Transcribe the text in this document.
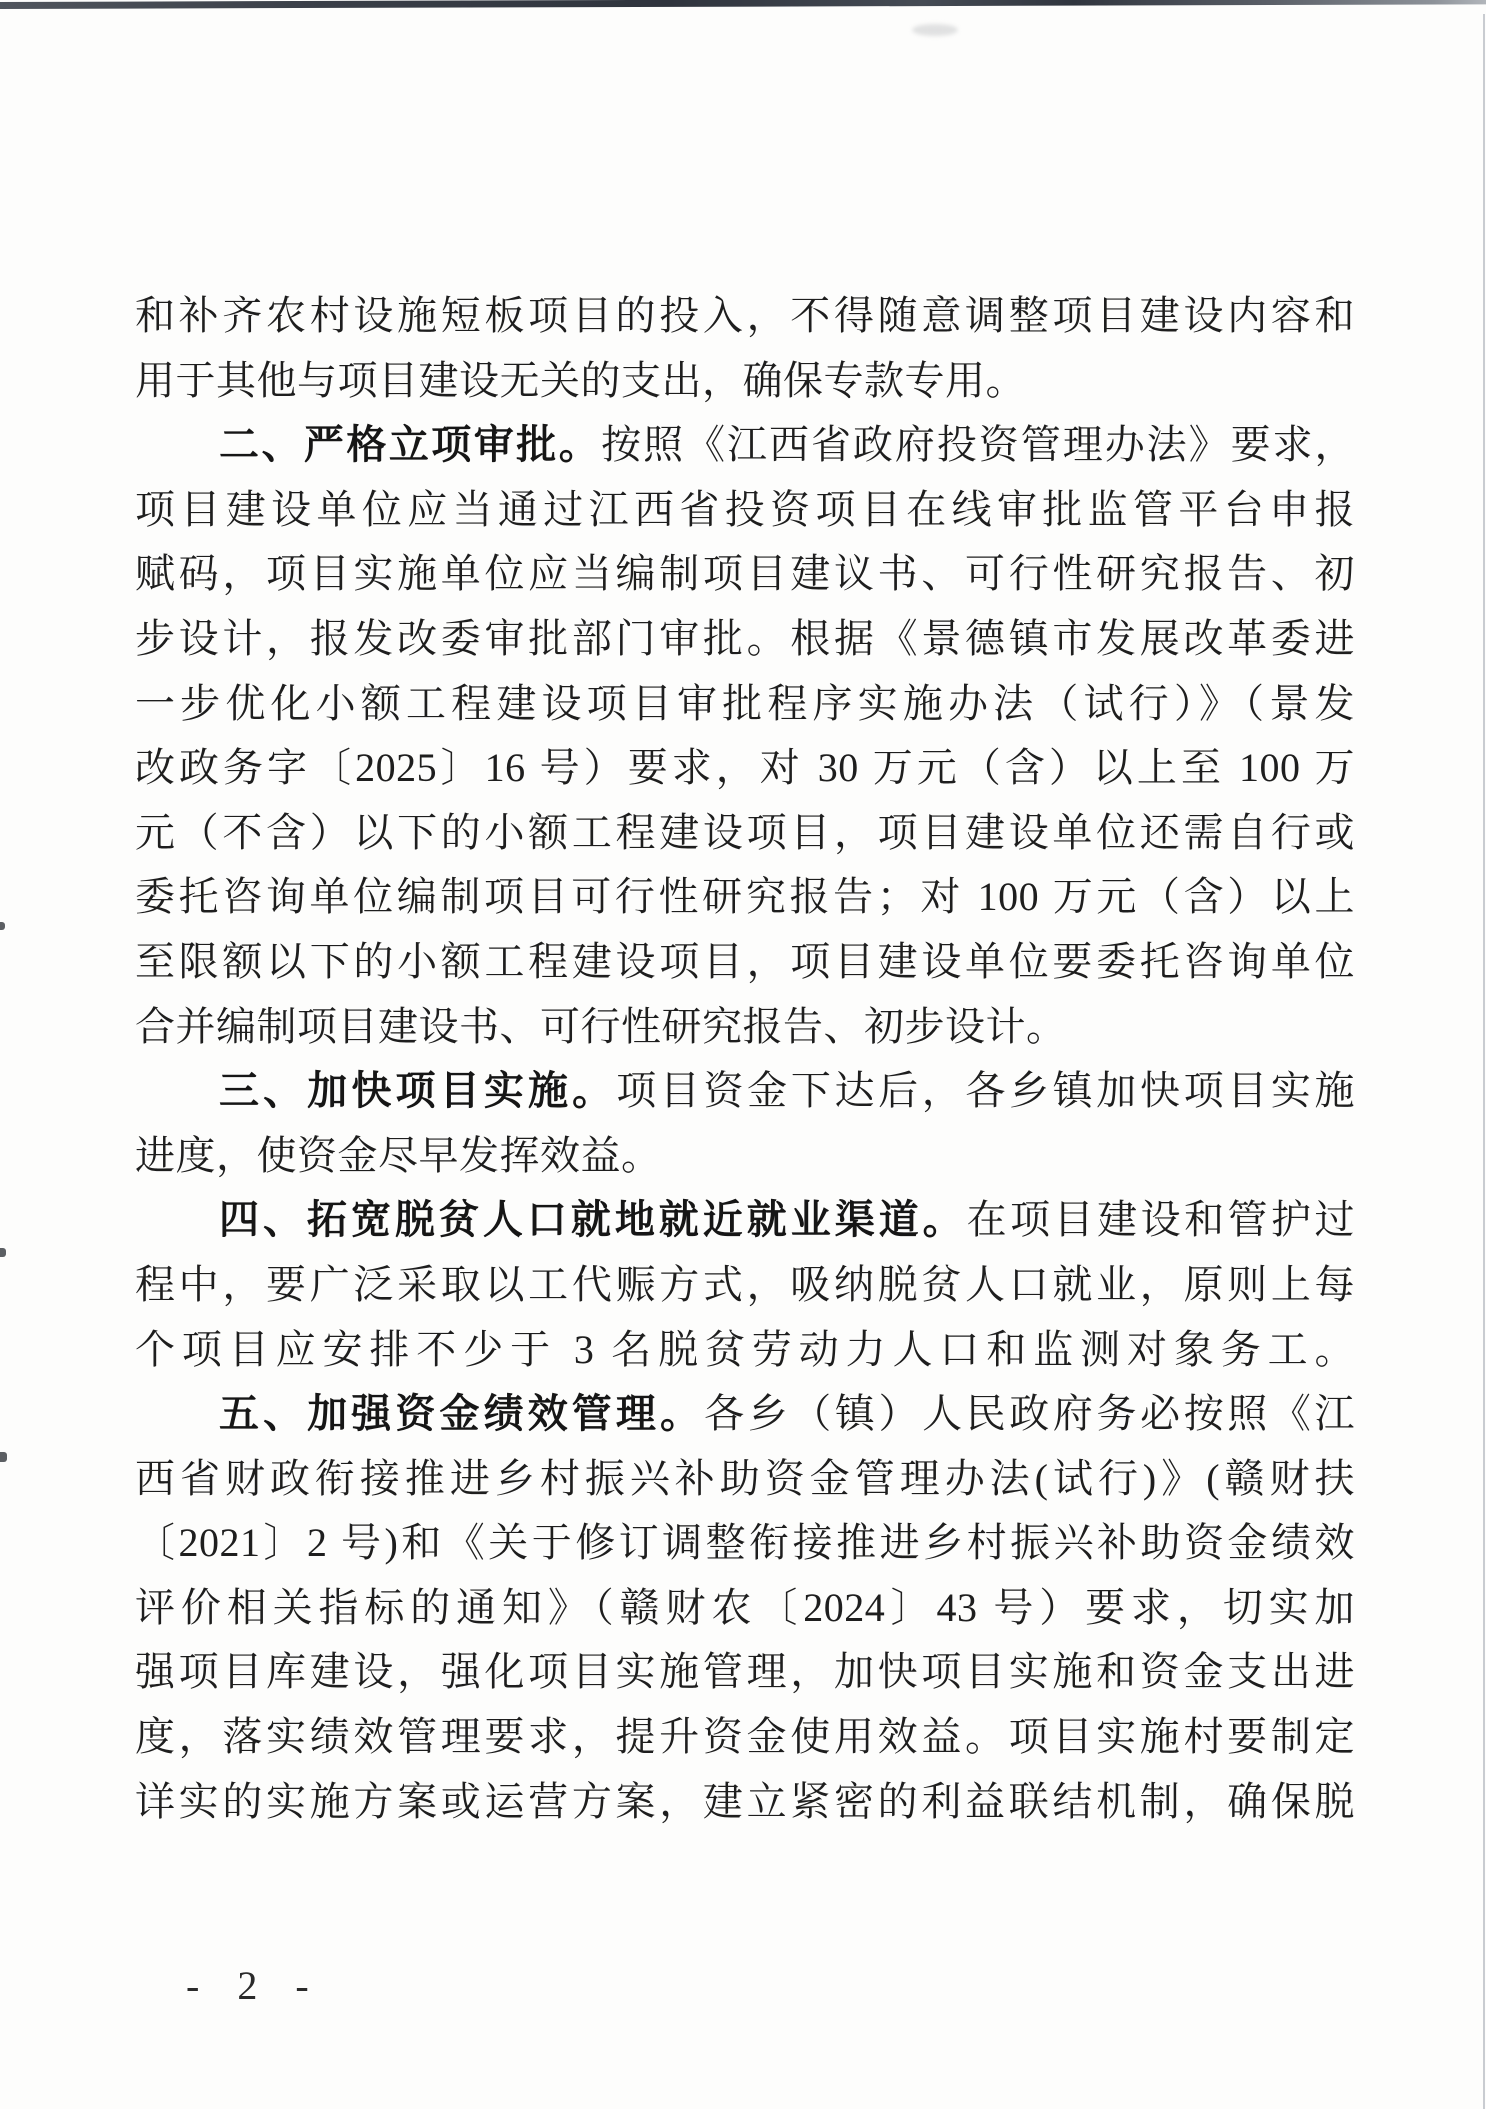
和补齐农村设施短板项目的投入，不得随意调整项目建设内容和
用于其他与项目建设无关的支出，确保专款专用。
二、严格立项审批。按照《江西省政府投资管理办法》要求，
项目建设单位应当通过江西省投资项目在线审批监管平台申报
赋码，项目实施单位应当编制项目建议书、可行性研究报告、初
步设计，报发改委审批部门审批。根据《景德镇市发展改革委进
一步优化小额工程建设项目审批程序实施办法（试行）》（景发
改政务字〔2025〕16 号）要求，对 30 万元（含）以上至 100 万
元（不含）以下的小额工程建设项目，项目建设单位还需自行或
委托咨询单位编制项目可行性研究报告；对 100 万元（含）以上
至限额以下的小额工程建设项目，项目建设单位要委托咨询单位
合并编制项目建设书、可行性研究报告、初步设计。
三、加快项目实施。项目资金下达后，各乡镇加快项目实施
进度，使资金尽早发挥效益。
四、拓宽脱贫人口就地就近就业渠道。在项目建设和管护过
程中，要广泛采取以工代赈方式，吸纳脱贫人口就业，原则上每
个项目应安排不少于 3 名脱贫劳动力人口和监测对象务工。
五、加强资金绩效管理。各乡（镇）人民政府务必按照《江
西省财政衔接推进乡村振兴补助资金管理办法(试行)》(赣财扶
〔2021〕2 号)和《关于修订调整衔接推进乡村振兴补助资金绩效
评价相关指标的通知》（赣财农〔2024〕43 号）要求，切实加
强项目库建设，强化项目实施管理，加快项目实施和资金支出进
度，落实绩效管理要求，提升资金使用效益。项目实施村要制定
详实的实施方案或运营方案，建立紧密的利益联结机制，确保脱
- 2 -
